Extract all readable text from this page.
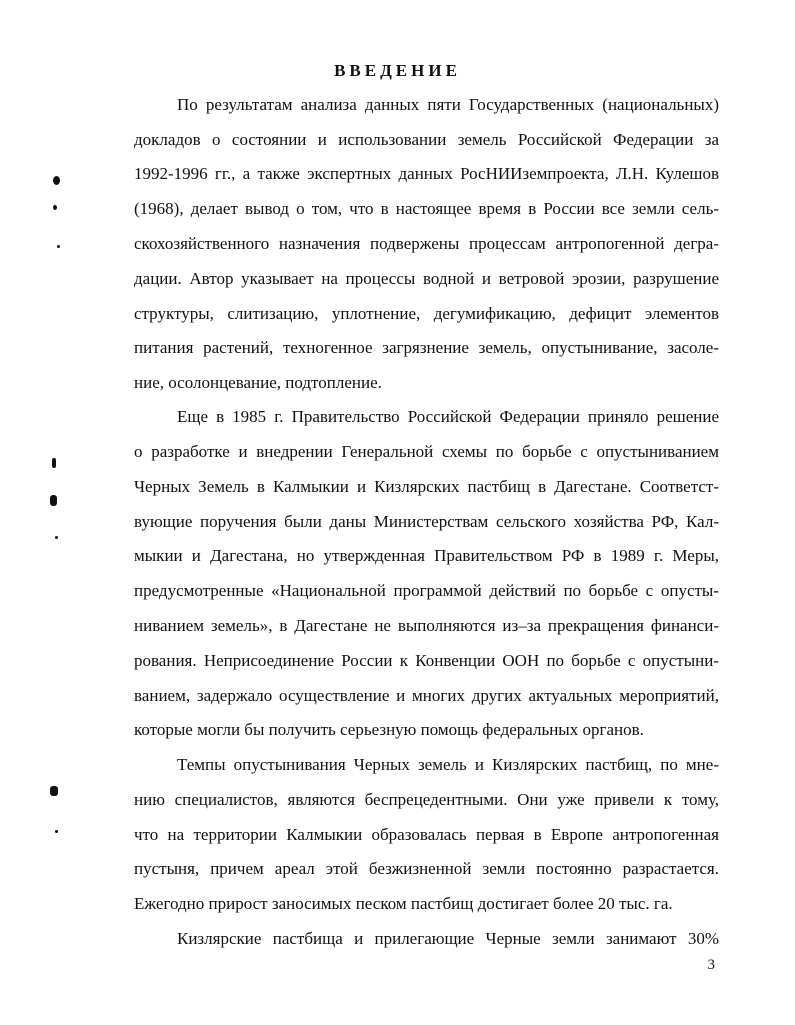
ВВЕДЕНИЕ
По результатам анализа данных пяти Государственных (национальных)
докладов о состоянии и использовании земель Российской Федерации за
1992-1996 гг., а также экспертных данных РосНИИземпроекта, Л.Н. Кулешов
(1968), делает вывод о том, что в настоящее время в России все земли сель-
скохозяйственного назначения подвержены процессам антропогенной дегра-
дации. Автор указывает на процессы водной и ветровой эрозии, разрушение
структуры, слитизацию, уплотнение, дегумификацию, дефицит элементов
питания растений, техногенное загрязнение земель, опустынивание, засоле-
ние, осолонцевание, подтопление.
Еще в 1985 г. Правительство Российской Федерации приняло решение
о разработке и внедрении Генеральной схемы по борьбе с опустыниванием
Черных Земель в Калмыкии и Кизлярских пастбищ в Дагестане. Соответст-
вующие поручения были даны Министерствам сельского хозяйства РФ, Кал-
мыкии и Дагестана, но утвержденная Правительством РФ в 1989 г. Меры,
предусмотренные «Национальной программой действий по борьбе с опусты-
ниванием земель», в Дагестане не выполняются из–за прекращения финанси-
рования. Неприсоединение России к Конвенции ООН по борьбе с опустыни-
ванием, задержало осуществление и многих других актуальных мероприятий,
которые могли бы получить серьезную помощь федеральных органов.
Темпы опустынивания Черных земель и Кизлярских пастбищ, по мне-
нию специалистов, являются беспрецедентными. Они уже привели к тому,
что на территории Калмыкии образовалась первая в Европе антропогенная
пустыня, причем ареал этой безжизненной земли постоянно разрастается.
Ежегодно прирост заносимых песком пастбищ достигает более 20 тыс. га.
Кизлярские пастбища и прилегающие Черные земли занимают 30%
3
